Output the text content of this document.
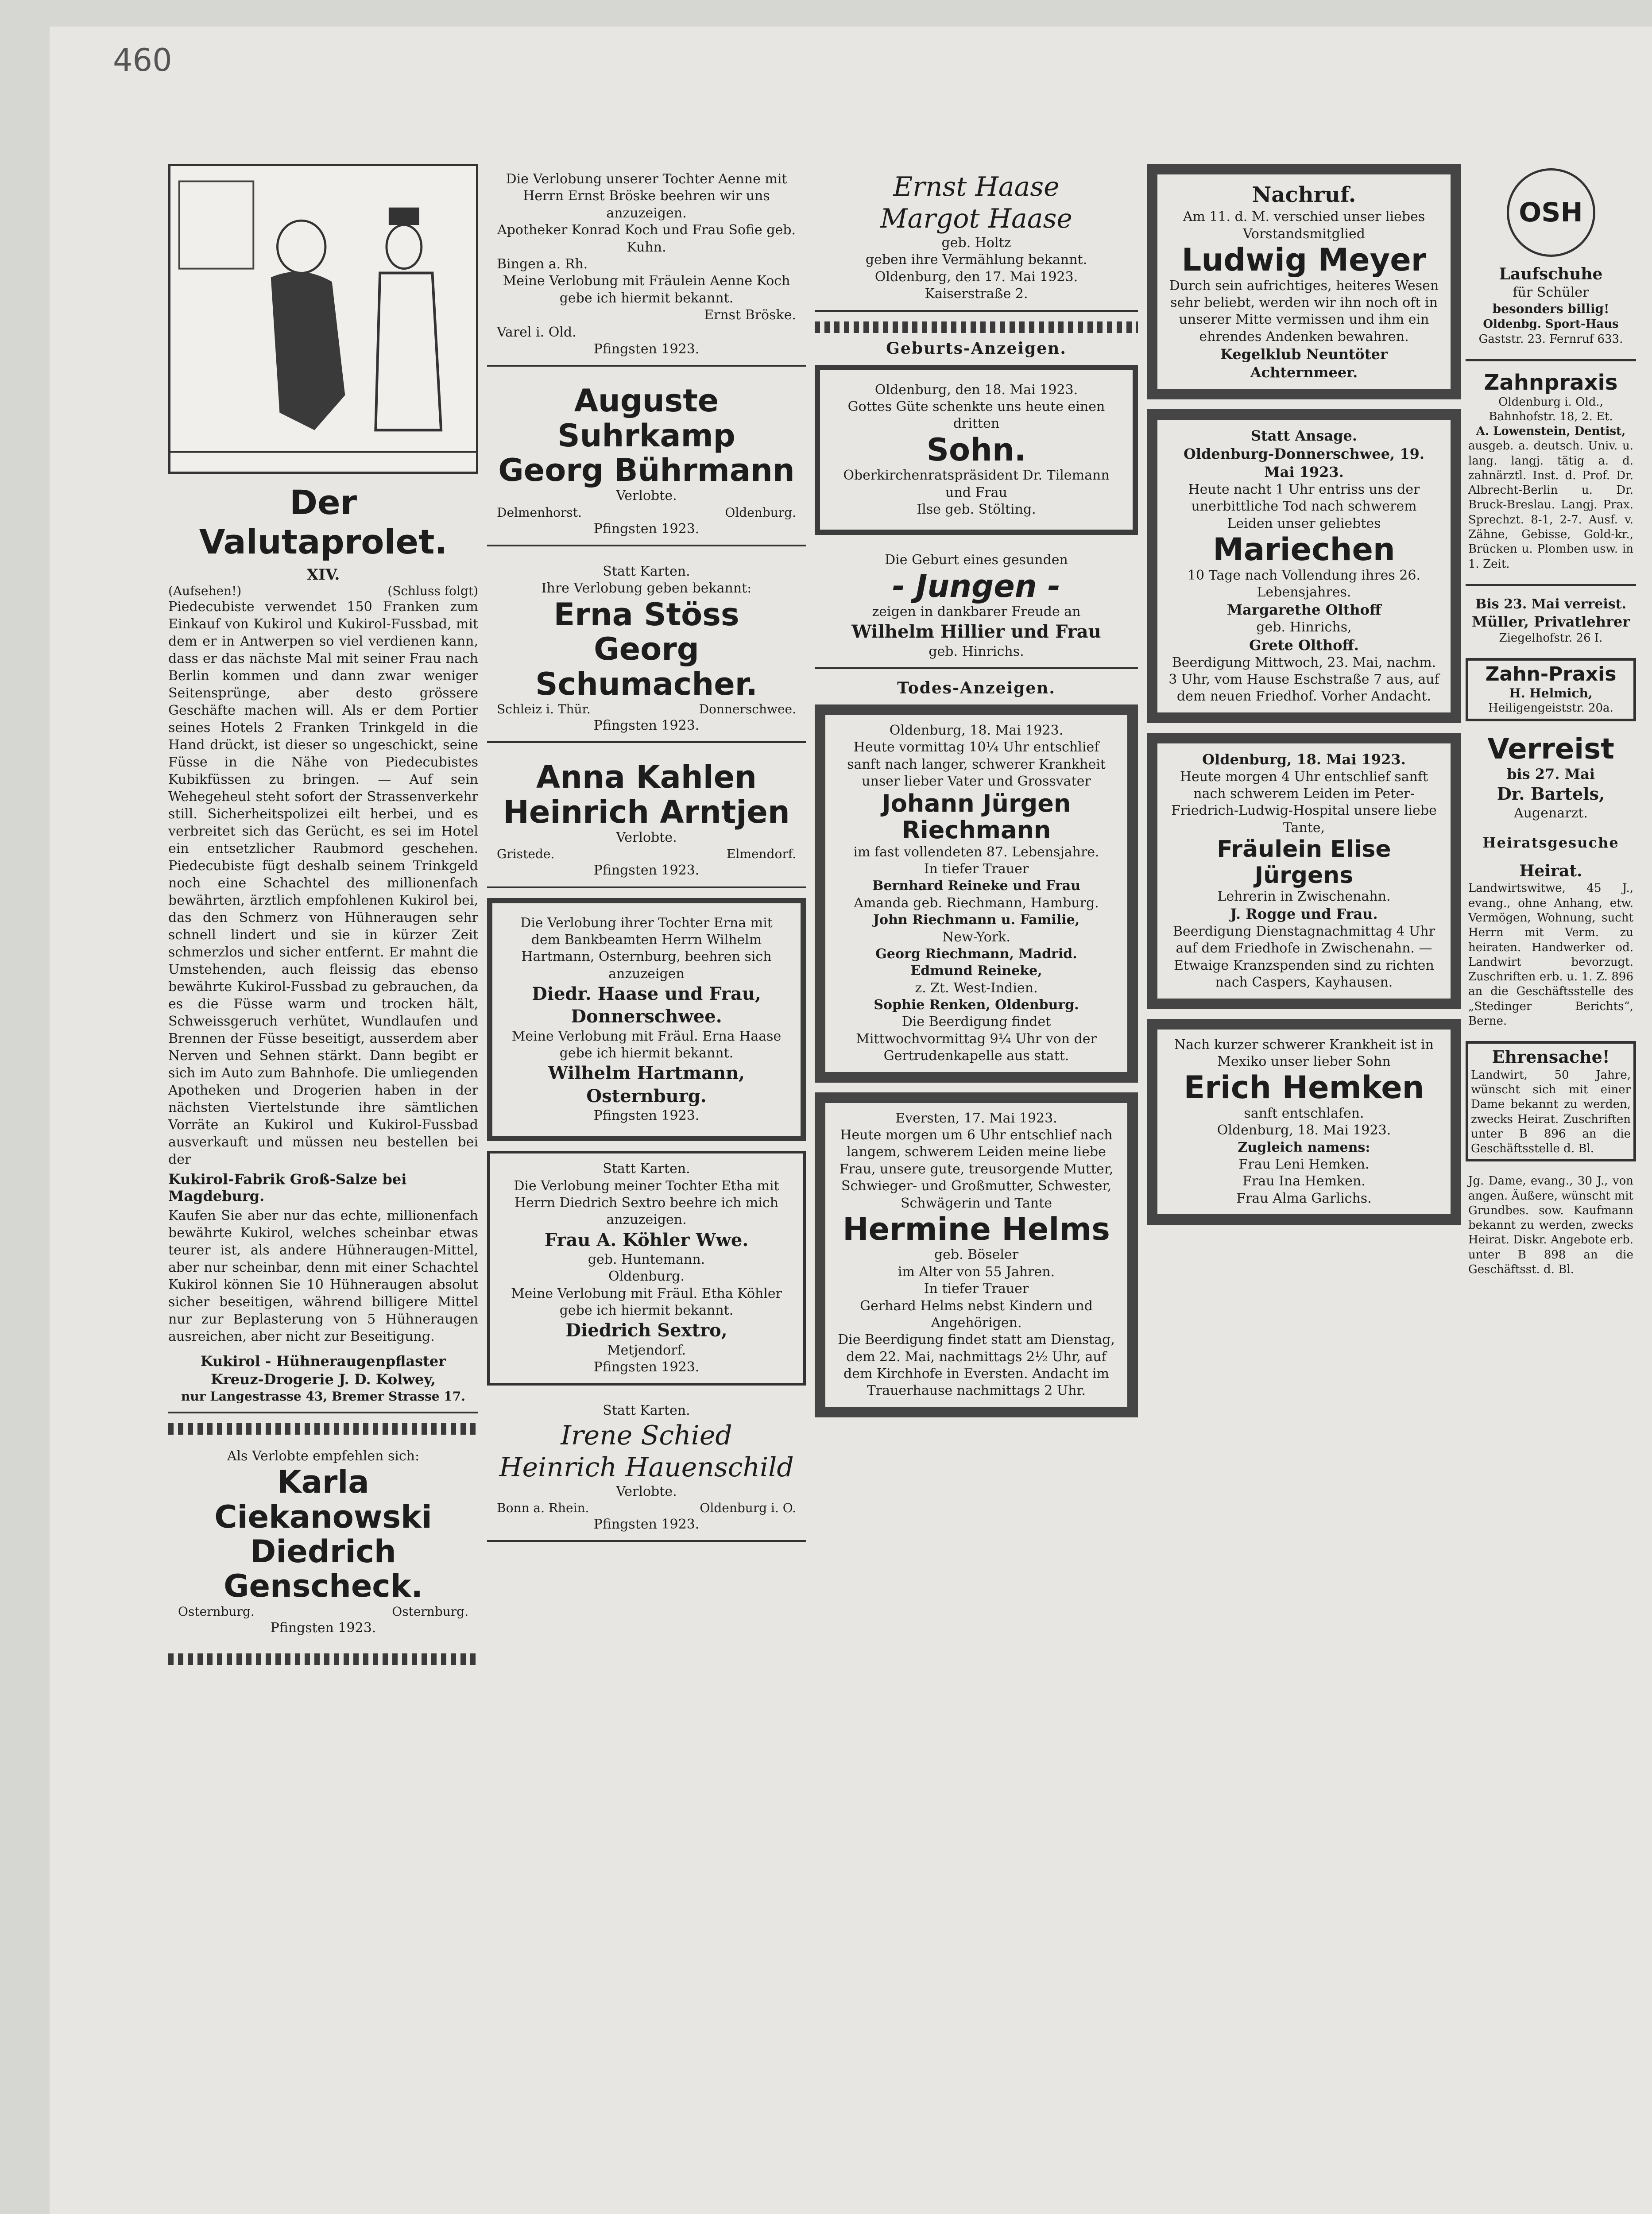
460
Der Valutaprolet.
XIV.
(Aufsehen!)	(Schluss folgt)

Piedecubiste verwendet 150 Franken zum Einkauf von Kukirol und Kukirol-Fussbad, mit dem er in Antwerpen so viel verdienen kann, dass er das nächste Mal mit seiner Frau nach Berlin kommen und dann zwar weniger Seitensprünge, aber desto grössere Geschäfte machen will. Als er dem Portier seines Hotels 2 Franken Trinkgeld in die Hand drückt, ist dieser so ungeschickt, seine Füsse in die Nähe von Piedecubistes Kubikfüssen zu bringen. — Auf sein Wehegeheul steht sofort der Strassenverkehr still. Sicherheitspolizei eilt herbei, und es verbreitet sich das Gerücht, es sei im Hotel ein entsetzlicher Raubmord geschehen. Piedecubiste fügt deshalb seinem Trinkgeld noch eine Schachtel des millionenfach bewährten, ärztlich empfohlenen Kukirol bei, das den Schmerz von Hühneraugen sehr schnell lindert und sie in kürzer Zeit schmerzlos und sicher entfernt. Er mahnt die Umstehenden, auch fleissig das ebenso bewährte Kukirol-Fussbad zu gebrauchen, da es die Füsse warm und trocken hält, Schweissgeruch verhütet, Wundlaufen und Brennen der Füsse beseitigt, ausserdem aber Nerven und Sehnen stärkt. Dann begibt er sich im Auto zum Bahnhofe. Die umliegenden Apotheken und Drogerien haben in der nächsten Viertelstunde ihre sämtlichen Vorräte an Kukirol und Kukirol-Fussbad ausverkauft und müssen neu bestellen bei der

Kukirol-Fabrik Groß-Salze bei Magdeburg.

Kaufen Sie aber nur das echte, millionenfach bewährte Kukirol, welches scheinbar etwas teurer ist, als andere Hühneraugen-Mittel, aber nur scheinbar, denn mit einer Schachtel Kukirol können Sie 10 Hühneraugen absolut sicher beseitigen, während billigere Mittel nur zur Beplasterung von 5 Hühneraugen ausreichen, aber nicht zur Beseitigung.

Kukirol - Hühneraugenpflaster

Kreuz-Drogerie J. D. Kolwey,

nur Langestrasse 43, Bremer Strasse 17.

Als Verlobte empfehlen sich:

Karla Ciekanowski

Diedrich Genscheck.

Osternburg.	Osternburg.

Pfingsten 1923.

Die Verlobung unserer Tochter Aenne mit Herrn Ernst Bröske beehren wir uns anzuzeigen.

Apotheker Konrad Koch und Frau Sofie geb. Kuhn.

Bingen a. Rh.

Meine Verlobung mit Fräulein Aenne Koch gebe ich hiermit bekannt.

Ernst Bröske.

Varel i. Old.

Pfingsten 1923.

Auguste Suhrkamp

Georg Bührmann

Verlobte.

Delmenhorst.	Oldenburg.

Pfingsten 1923.

Statt Karten.

Ihre Verlobung geben bekannt:

Erna Stöss

Georg Schumacher.

Schleiz i. Thür.	Donnerschwee.

Pfingsten 1923.

Anna Kahlen

Heinrich Arntjen

Verlobte.

Gristede.	Elmendorf.

Pfingsten 1923.

Die Verlobung ihrer Tochter Erna mit dem Bankbeamten Herrn Wilhelm Hartmann, Osternburg, beehren sich anzuzeigen

Diedr. Haase und Frau, Donnerschwee.

Meine Verlobung mit Fräul. Erna Haase gebe ich hiermit bekannt.

Wilhelm Hartmann, Osternburg.

Pfingsten 1923.

Statt Karten.

Die Verlobung meiner Tochter Etha mit Herrn Diedrich Sextro beehre ich mich anzuzeigen.

Frau A. Köhler Wwe.

geb. Huntemann.

Oldenburg.

Meine Verlobung mit Fräul. Etha Köhler gebe ich hiermit bekannt.

Diedrich Sextro,

Metjendorf.

Pfingsten 1923.

Statt Karten.

Irene Schied

Heinrich Hauenschild

Verlobte.

Bonn a. Rhein.	Oldenburg i. O.

Pfingsten 1923.

Ernst Haase

Margot Haase

geb. Holtz

geben ihre Vermählung bekannt.

Oldenburg, den 17. Mai 1923.

Kaiserstraße 2.

Geburts-Anzeigen.

Oldenburg, den 18. Mai 1923.

Gottes Güte schenkte uns heute einen dritten

Sohn.

Oberkirchenratspräsident Dr. Tilemann und Frau

Ilse geb. Stölting.

Die Geburt eines gesunden

- Jungen -

zeigen in dankbarer Freude an

Wilhelm Hillier und Frau

geb. Hinrichs.

Todes-Anzeigen.

Oldenburg, 18. Mai 1923.

Heute vormittag 10¼ Uhr entschlief sanft nach langer, schwerer Krankheit unser lieber Vater und Grossvater

Johann Jürgen Riechmann

im fast vollendeten 87. Lebensjahre.

In tiefer Trauer

Bernhard Reineke und Frau

Amanda geb. Riechmann, Hamburg.

John Riechmann u. Familie,

New-York.

Georg Riechmann, Madrid.

Edmund Reineke,

z. Zt. West-Indien.

Sophie Renken, Oldenburg.

Die Beerdigung findet Mittwochvormittag 9¼ Uhr von der Gertrudenkapelle aus statt.

Eversten, 17. Mai 1923.

Heute morgen um 6 Uhr entschlief nach langem, schwerem Leiden meine liebe Frau, unsere gute, treusorgende Mutter, Schwieger- und Großmutter, Schwester, Schwägerin und Tante

Hermine Helms

geb. Böseler

im Alter von 55 Jahren.

In tiefer Trauer

Gerhard Helms nebst Kindern und Angehörigen.

Die Beerdigung findet statt am Dienstag, dem 22. Mai, nachmittags 2½ Uhr, auf dem Kirchhofe in Eversten. Andacht im Trauerhause nachmittags 2 Uhr.

Nachruf.

Am 11. d. M. verschied unser liebes Vorstandsmitglied

Ludwig Meyer

Durch sein aufrichtiges, heiteres Wesen sehr beliebt, werden wir ihn noch oft in unserer Mitte vermissen und ihm ein ehrendes Andenken bewahren.

Kegelklub Neuntöter Achternmeer.

Statt Ansage.

Oldenburg-Donnerschwee, 19. Mai 1923.

Heute nacht 1 Uhr entriss uns der unerbittliche Tod nach schwerem Leiden unser geliebtes

Mariechen

10 Tage nach Vollendung ihres 26. Lebensjahres.

Margarethe Olthoff

geb. Hinrichs,

Grete Olthoff.

Beerdigung Mittwoch, 23. Mai, nachm. 3 Uhr, vom Hause Eschstraße 7 aus, auf dem neuen Friedhof. Vorher Andacht.

Oldenburg, 18. Mai 1923.

Heute morgen 4 Uhr entschlief sanft nach schwerem Leiden im Peter-Friedrich-Ludwig-Hospital unsere liebe Tante,

Fräulein Elise Jürgens

Lehrerin in Zwischenahn.

J. Rogge und Frau.

Beerdigung Dienstagnachmittag 4 Uhr auf dem Friedhofe in Zwischenahn. — Etwaige Kranzspenden sind zu richten nach Caspers, Kayhausen.

Nach kurzer schwerer Krankheit ist in Mexiko unser lieber Sohn

Erich Hemken

sanft entschlafen.

Oldenburg, 18. Mai 1923.

Zugleich namens:

Frau Leni Hemken.

Frau Ina Hemken.

Frau Alma Garlichs.

OSH

Laufschuhe

für Schüler

besonders billig!

Oldenbg. Sport-Haus

Gaststr. 23. Fernruf 633.

Zahnpraxis

Oldenburg i. Old., Bahnhofstr. 18, 2. Et.

A. Lowenstein, Dentist,

ausgeb. a. deutsch. Univ. u. lang. langj. tätig a. d. zahnärztl. Inst. d. Prof. Dr. Albrecht-Berlin u. Dr. Bruck-Breslau. Langj. Prax. Sprechzt. 8-1, 2-7. Ausf. v. Zähne, Gebisse, Gold-kr., Brücken u. Plomben usw. in 1. Zeit.

Bis 23. Mai verreist.

Müller, Privatlehrer

Ziegelhofstr. 26 I.

Zahn-Praxis

H. Helmich,

Heiligengeiststr. 20a.

Verreist

bis 27. Mai

Dr. Bartels,

Augenarzt.

Heiratsgesuche

Heirat.

Landwirtswitwe, 45 J., evang., ohne Anhang, etw. Vermögen, Wohnung, sucht Herrn mit Verm. zu heiraten. Handwerker od. Landwirt bevorzugt. Zuschriften erb. u. 1. Z. 896 an die Geschäftsstelle des „Stedinger Berichts“, Berne.

Ehrensache!

Landwirt, 50 Jahre, wünscht sich mit einer Dame bekannt zu werden, zwecks Heirat. Zuschriften unter B 896 an die Geschäftsstelle d. Bl.

Jg. Dame, evang., 30 J., von angen. Äußere, wünscht mit Grundbes. sow. Kaufmann bekannt zu werden, zwecks Heirat. Diskr. Angebote erb. unter B 898 an die Geschäftsst. d. Bl.
